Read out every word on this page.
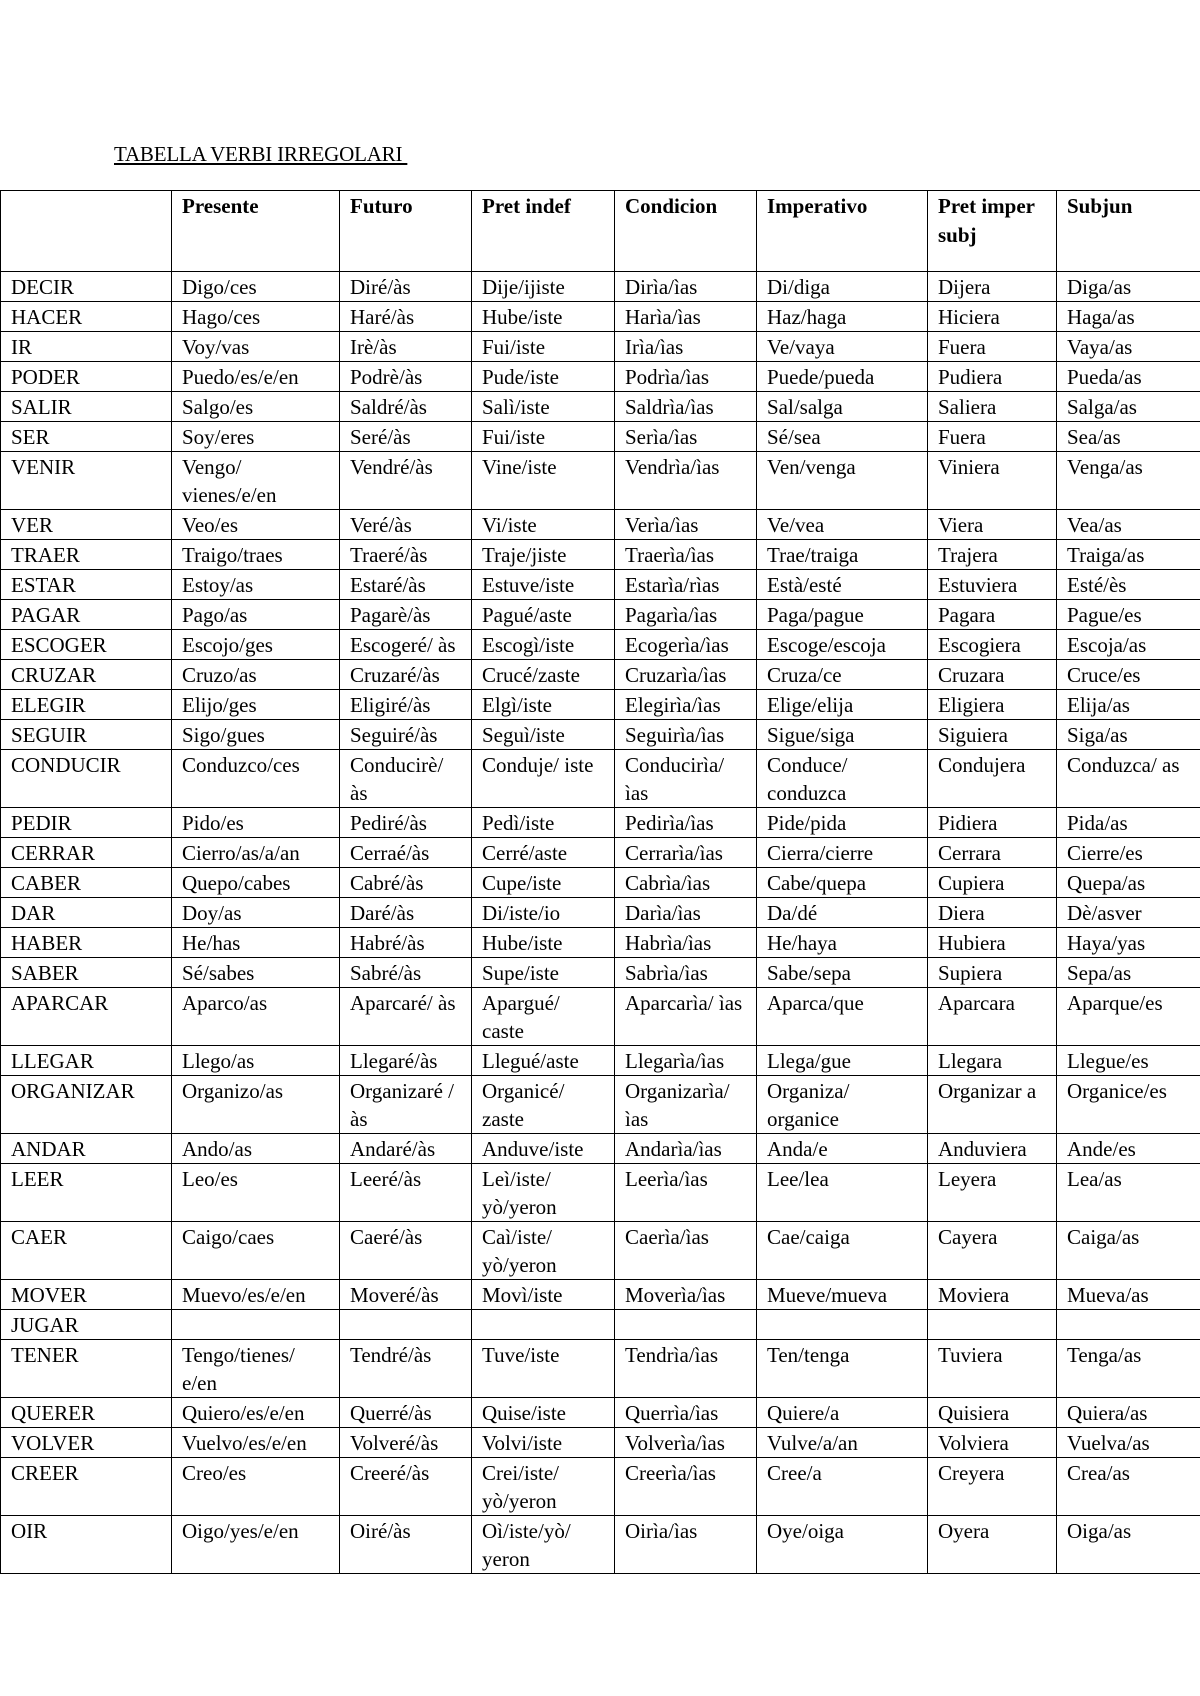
TABELLA VERBI IRREGOLARI
	Presente	Futuro	Pret indef	Condicion	Imperativo	Pret imper subj	Subjun
DECIR	Digo/ces	Diré/às	Dije/ijiste	Dirìa/ìas	Di/diga	Dijera	Diga/as
HACER	Hago/ces	Haré/às	Hube/iste	Harìa/ìas	Haz/haga	Hiciera	Haga/as
IR	Voy/vas	Irè/às	Fui/iste	Irìa/ìas	Ve/vaya	Fuera	Vaya/as
PODER	Puedo/es/e/en	Podrè/às	Pude/iste	Podrìa/ìas	Puede/pueda	Pudiera	Pueda/as
SALIR	Salgo/es	Saldré/às	Salì/iste	Saldrìa/ìas	Sal/salga	Saliera	Salga/as
SER	Soy/eres	Seré/às	Fui/iste	Serìa/ìas	Sé/sea	Fuera	Sea/as
VENIR	Vengo/ vienes/e/en	Vendré/às	Vine/iste	Vendrìa/ìas	Ven/venga	Viniera	Venga/as
VER	Veo/es	Veré/às	Vi/iste	Verìa/ìas	Ve/vea	Viera	Vea/as
TRAER	Traigo/traes	Traeré/às	Traje/jiste	Traerìa/ìas	Trae/traiga	Trajera	Traiga/as
ESTAR	Estoy/as	Estaré/às	Estuve/iste	Estarìa/rìas	Està/esté	Estuviera	Esté/ès
PAGAR	Pago/as	Pagarè/às	Pagué/aste	Pagarìa/ìas	Paga/pague	Pagara	Pague/es
ESCOGER	Escojo/ges	Escogeré/ às	Escogì/iste	Ecogerìa/ìas	Escoge/escoja	Escogiera	Escoja/as
CRUZAR	Cruzo/as	Cruzaré/às	Crucé/zaste	Cruzarìa/ìas	Cruza/ce	Cruzara	Cruce/es
ELEGIR	Elijo/ges	Eligiré/às	Elgì/iste	Elegirìa/ìas	Elige/elija	Eligiera	Elija/as
SEGUIR	Sigo/gues	Seguiré/às	Seguì/iste	Seguirìa/ìas	Sigue/siga	Siguiera	Siga/as
CONDUCIR	Conduzco/ces	Conducirè/ às	Conduje/ iste	Conducirìa/ ìas	Conduce/ conduzca	Condujera	Conduzca/ as
PEDIR	Pido/es	Pediré/às	Pedì/iste	Pedirìa/ìas	Pide/pida	Pidiera	Pida/as
CERRAR	Cierro/as/a/an	Cerraé/às	Cerré/aste	Cerrarìa/ìas	Cierra/cierre	Cerrara	Cierre/es
CABER	Quepo/cabes	Cabré/às	Cupe/iste	Cabrìa/ìas	Cabe/quepa	Cupiera	Quepa/as
DAR	Doy/as	Daré/às	Di/iste/io	Darìa/ìas	Da/dé	Diera	Dè/asver
HABER	He/has	Habré/às	Hube/iste	Habrìa/ìas	He/haya	Hubiera	Haya/yas
SABER	Sé/sabes	Sabré/às	Supe/iste	Sabrìa/ìas	Sabe/sepa	Supiera	Sepa/as
APARCAR	Aparco/as	Aparcaré/ às	Apargué/ caste	Aparcarìa/ ìas	Aparca/que	Aparcara	Aparque/es
LLEGAR	Llego/as	Llegaré/às	Llegué/aste	Llegarìa/ìas	Llega/gue	Llegara	Llegue/es
ORGANIZAR	Organizo/as	Organizaré /às	Organicé/ zaste	Organizarìa/ ìas	Organiza/ organice	Organizar a	Organice/es
ANDAR	Ando/as	Andaré/às	Anduve/iste	Andarìa/ìas	Anda/e	Anduviera	Ande/es
LEER	Leo/es	Leeré/às	Leì/iste/ yò/yeron	Leerìa/ìas	Lee/lea	Leyera	Lea/as
CAER	Caigo/caes	Caeré/às	Caì/iste/ yò/yeron	Caerìa/ìas	Cae/caiga	Cayera	Caiga/as
MOVER	Muevo/es/e/en	Moveré/às	Movì/iste	Moverìa/ìas	Mueve/mueva	Moviera	Mueva/as
JUGAR							
TENER	Tengo/tienes/ e/en	Tendré/às	Tuve/iste	Tendrìa/ìas	Ten/tenga	Tuviera	Tenga/as
QUERER	Quiero/es/e/en	Querré/às	Quise/iste	Querrìa/ìas	Quiere/a	Quisiera	Quiera/as
VOLVER	Vuelvo/es/e/en	Volveré/às	Volvi/iste	Volverìa/ìas	Vulve/a/an	Volviera	Vuelva/as
CREER	Creo/es	Creeré/às	Crei/iste/ yò/yeron	Creerìa/ìas	Cree/a	Creyera	Crea/as
OIR	Oigo/yes/e/en	Oiré/às	Oì/iste/yò/ yeron	Oirìa/ìas	Oye/oiga	Oyera	Oiga/as
